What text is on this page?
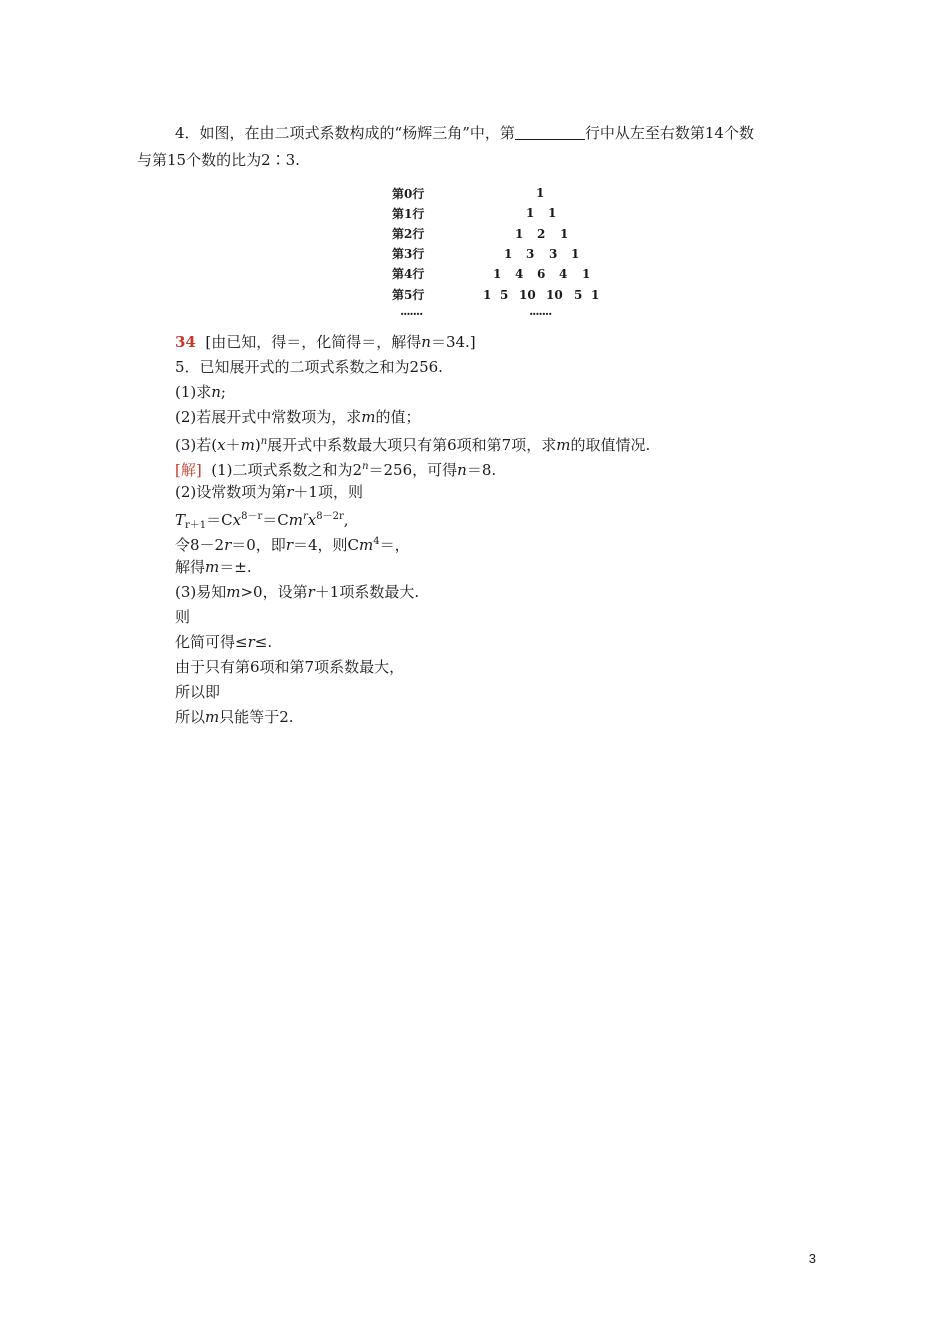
4．如图，在由二项式系数构成的“杨辉三角”中，第	行中从左至右数第14个数
与第15个数的比为2∶3.
第0行
第1行
第2行
第3行
第4行
第5行
1
1 1
1 2 1
1 3 3 1
1 4 6 4 1
1 5 10 10 5 1
.......	.......
34 [由已知，得＝，化简得＝，解得n＝34.]
5．已知展开式的二项式系数之和为256.
(1)求n;
(2)若展开式中常数项为，求m的值；
(3)若$(x+m)^n$展开式中系数最大项只有第6项和第7项，求m的取值情况.
[解] (1)二项式系数之和为$2^n=256$，可得n＝8.
(2)设常数项为第r＋1项，则
$T_{r+1}=Cx^{8-r}=Cm^rx^{8-2r}$,
令8－2r＝0，即r＝4，则$Cm^4=$，
解得m＝±.
(3)易知m>0，设第r＋1项系数最大.
则
化简可得≤r≤.
由于只有第6项和第7项系数最大，
所以即
所以m只能等于2.
3
